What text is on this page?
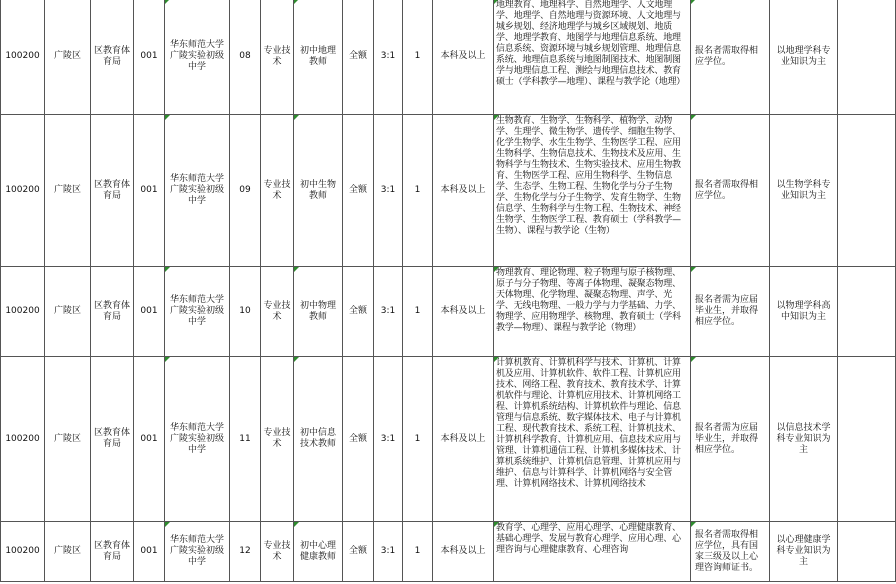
100200	广陵区	区教育体育局	001	华东师范大学广陵实验初级中学	08	专业技术	初中地理教师	全额	3:1	1	本科及以上	地理教育、地理科学、自然地理学、人文地理学、地理学、自然地理与资源环境、人文地理与城乡规划、经济地理学与城乡区域规划、地质学、地理学教育、地图学与地理信息系统、地理信息系统、资源环境与城乡规划管理、地理信息系统、地理信息系统与地图制图技术、地图制图学与地理信息工程、测绘与地理信息技术、教育硕士（学科教学—地理）、课程与教学论（地理）	报名者需取得相应学位。	以地理学科专业知识为主	
100200	广陵区	区教育体育局	001	华东师范大学广陵实验初级中学	09	专业技术	初中生物教师	全额	3:1	1	本科及以上	生物教育、生物学、生物科学、植物学、动物学、生理学、微生物学、遗传学、细胞生物学、化学生物学、水生生物学、生物医学工程、应用生物科学、生物信息技术、生物技术及应用、生物科学与生物技术、生物实验技术、应用生物教育、生物医学工程、应用生物科学、生物信息学、生态学、生物工程、生物化学与分子生物学、生物化学与分子生物学、发育生物学、生物信息学、生物科学与生物工程、生物技术、神经生物学、生物医学工程、教育硕士（学科教学—生物）、课程与教学论（生物）	报名者需取得相应学位。	以生物学科专业知识为主	
100200	广陵区	区教育体育局	001	华东师范大学广陵实验初级中学	10	专业技术	初中物理教师	全额	3:1	1	本科及以上	物理教育、理论物理、粒子物理与原子核物理、原子与分子物理、等离子体物理、凝聚态物理、天体物理、化学物理、凝聚态物理、声学、光学、无线电物理、一般力学与力学基础、力学、物理学、应用物理学、核物理、教育硕士（学科教学—物理）、课程与教学论（物理）	报名者需为应届毕业生，并取得相应学位。	以物理学科高中知识为主	
100200	广陵区	区教育体育局	001	华东师范大学广陵实验初级中学	11	专业技术	初中信息技术教师	全额	3:1	1	本科及以上	计算机教育、计算机科学与技术、计算机、计算机及应用、计算机软件、软件工程、计算机应用技术、网络工程、教育技术、教育技术学、计算机软件与理论、计算机应用技术、计算机网络工程、计算机系统结构、计算机软件与理论、信息管理与信息系统、数字媒体技术、电子与计算机工程、现代教育技术、系统工程、计算机技术、计算机科学教育、计算机应用、信息技术应用与管理、计算机通信工程、计算机多媒体技术、计算机系统维护、计算机信息管理、计算机应用与维护、信息与计算科学、计算机网络与安全管理、计算机网络技术、计算机网络技术	报名者需为应届毕业生，并取得相应学位。	以信息技术学科专业知识为主	
100200	广陵区	区教育体育局	001	华东师范大学广陵实验初级中学	12	专业技术	初中心理健康教师	全额	3:1	1	本科及以上	教育学、心理学、应用心理学、心理健康教育、基础心理学、发展与教育心理学、应用心理、心理咨询与心理健康教育、心理咨询	报名者需取得相应学位，具有国家三级及以上心理咨询师证书。	以心理健康学科专业知识为主	
